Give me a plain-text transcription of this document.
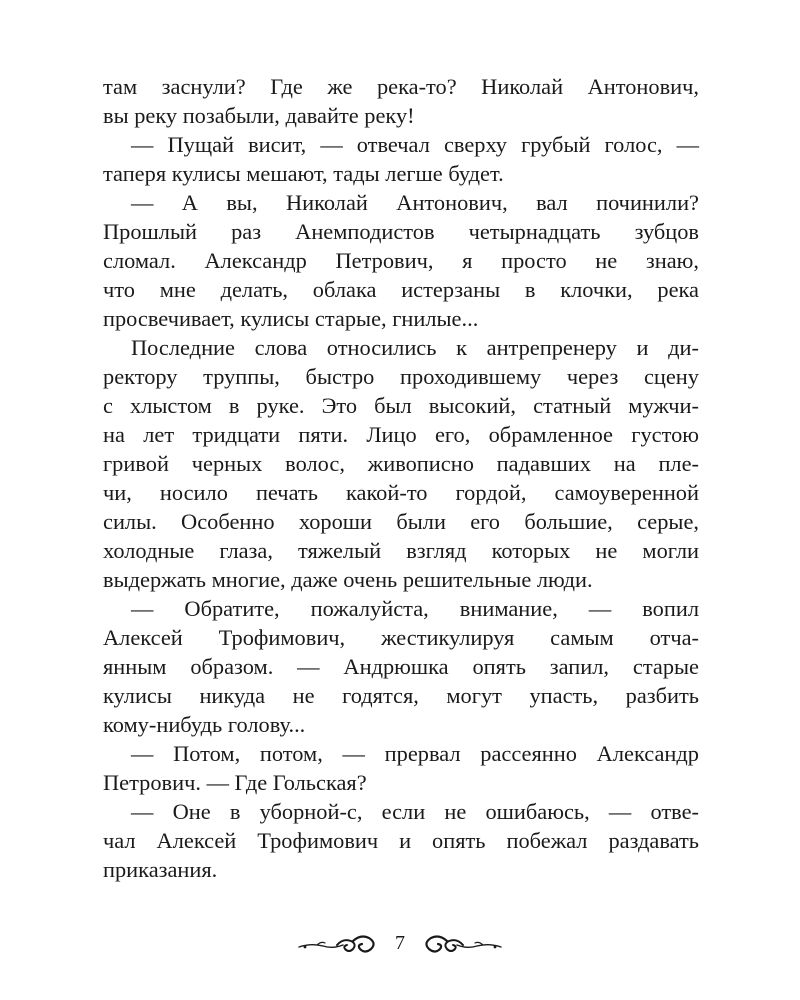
там заснули? Где же река-то? Николай Антонович,
вы реку позабыли, давайте реку!
— Пущай висит, — отвечал сверху грубый голос, —
таперя кулисы мешают, тады легше будет.
— А вы, Николай Антонович, вал починили?
Прошлый раз Анемподистов четырнадцать зубцов
сломал. Александр Петрович, я просто не знаю,
что мне делать, облака истерзаны в клочки, река
просвечивает, кулисы старые, гнилые...
Последние слова относились к антрепренеру и ди-
ректору труппы, быстро проходившему через сцену
с хлыстом в руке. Это был высокий, статный мужчи-
на лет тридцати пяти. Лицо его, обрамленное густою
гривой черных волос, живописно падавших на пле-
чи, носило печать какой-то гордой, самоуверенной
силы. Особенно хороши были его большие, серые,
холодные глаза, тяжелый взгляд которых не могли
выдержать многие, даже очень решительные люди.
— Обратите, пожалуйста, внимание, — вопил
Алексей Трофимович, жестикулируя самым отча-
янным образом. — Андрюшка опять запил, старые
кулисы никуда не годятся, могут упасть, разбить
кому-нибудь голову...
— Потом, потом, — прервал рассеянно Александр
Петрович. — Где Гольская?
— Оне в уборной-с, если не ошибаюсь, — отве-
чал Алексей Трофимович и опять побежал раздавать
приказания.
7
